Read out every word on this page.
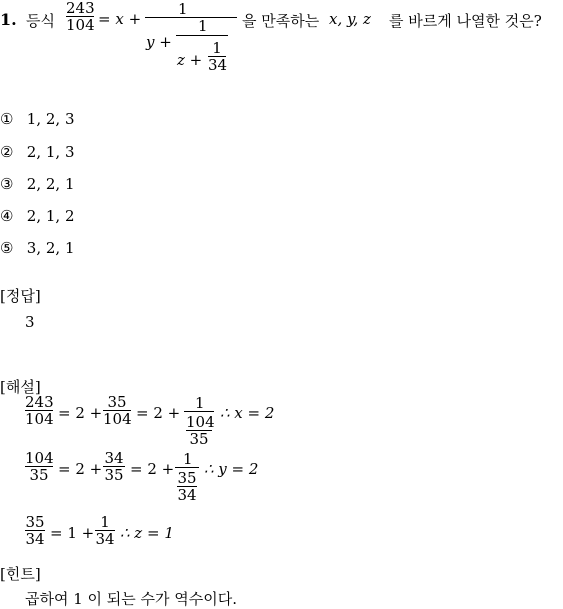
1. 등식
243
104 = x +
1
y +
1
z +
1
34
을 만족하는 x, y, z 를 바르게 나열한 것은?
① 1, 2, 3
② 2, 1, 3
③ 2, 2, 1
④ 2, 1, 2
⑤ 3, 2, 1
[정답]
3
[해설]
243
104 = 2 +
35
104 = 2 +
1
104
35
∴ x = 2
104
35 = 2 +
34
35 = 2 +
1
35
34
∴ y = 2
35
34 = 1 +
1
34 ∴ z = 1
[힌트]
곱하여 1 이 되는 수가 역수이다.
